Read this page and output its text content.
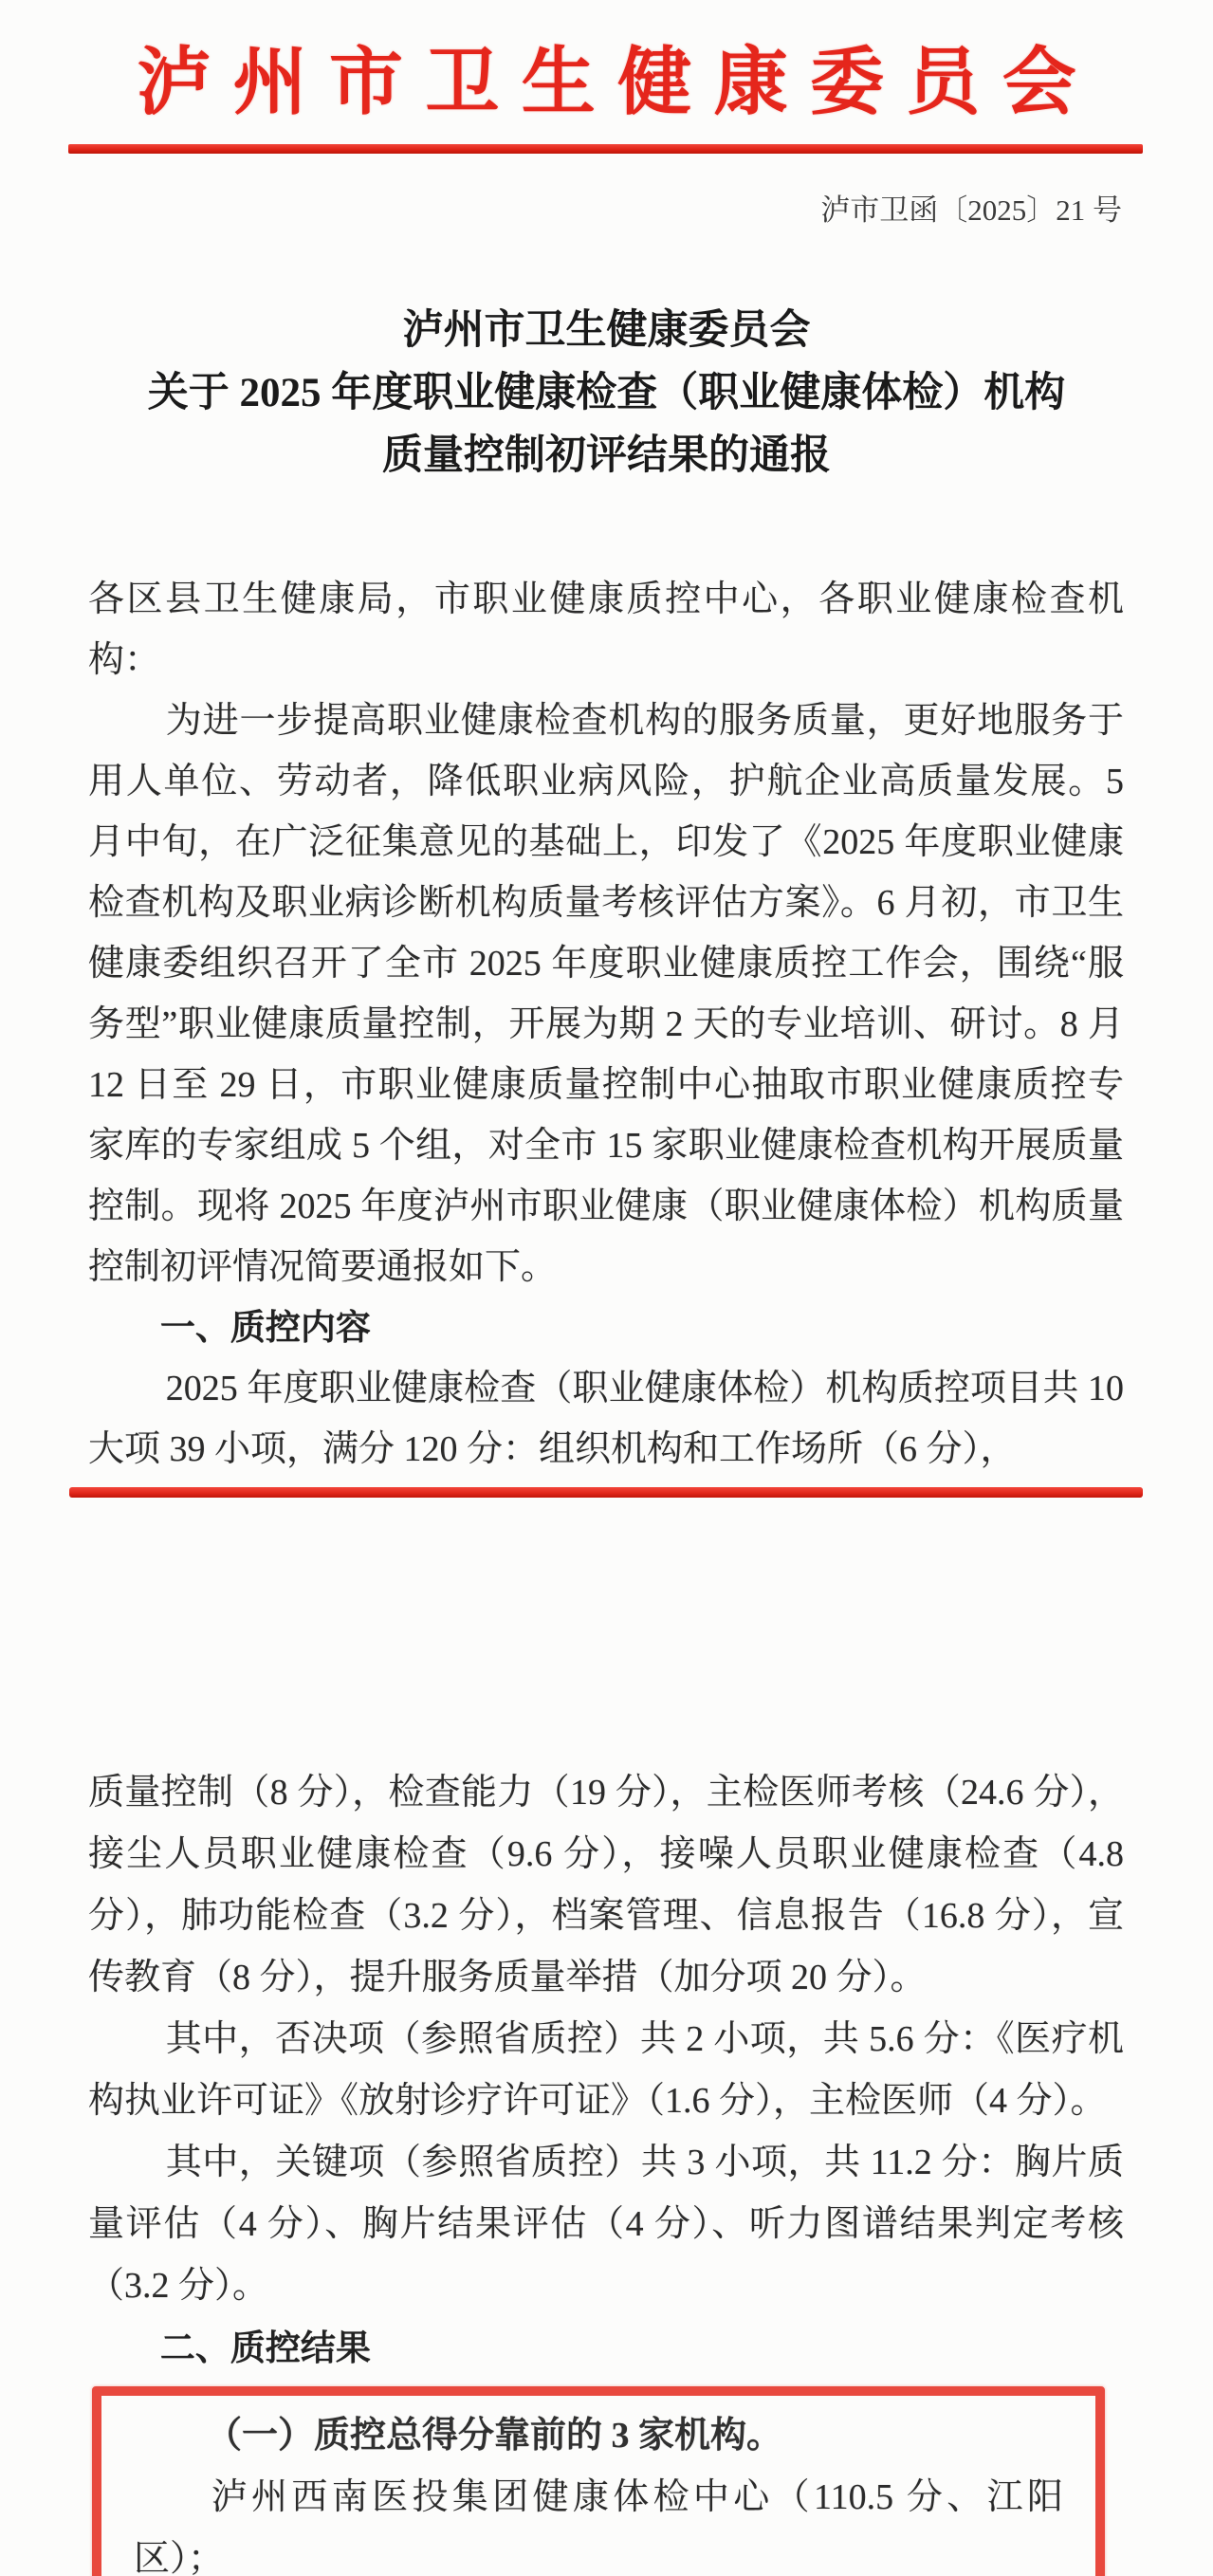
泸州市卫生健康委员会
泸市卫函〔2025〕21 号
泸州市卫生健康委员会
关于 2025 年度职业健康检查（职业健康体检）机构
质量控制初评结果的通报

各区县卫生健康局，市职业健康质控中心，各职业健康检查机构：

为进一步提高职业健康检查机构的服务质量，更好地服务于用人单位、劳动者，降低职业病风险，护航企业高质量发展。5 月中旬，在广泛征集意见的基础上，印发了《2025 年度职业健康检查机构及职业病诊断机构质量考核评估方案》。6 月初，市卫生健康委组织召开了全市 2025 年度职业健康质控工作会，围绕“服务型”职业健康质量控制，开展为期 2 天的专业培训、研讨。8 月 12 日至 29 日，市职业健康质量控制中心抽取市职业健康质控专家库的专家组成 5 个组，对全市 15 家职业健康检查机构开展质量控制。现将 2025 年度泸州市职业健康（职业健康体检）机构质量控制初评情况简要通报如下。

一、质控内容

2025 年度职业健康检查（职业健康体检）机构质控项目共 10 大项 39 小项，满分 120 分：组织机构和工作场所（6 分），

质量控制（8 分），检查能力（19 分），主检医师考核（24.6 分），接尘人员职业健康检查（9.6 分），接噪人员职业健康检查（4.8 分），肺功能检查（3.2 分），档案管理、信息报告（16.8 分），宣传教育（8 分），提升服务质量举措（加分项 20 分）。

其中，否决项（参照省质控）共 2 小项，共 5.6 分：《医疗机构执业许可证》《放射诊疗许可证》（1.6 分），主检医师（4 分）。

其中，关键项（参照省质控）共 3 小项，共 11.2 分：胸片质量评估（4 分）、胸片结果评估（4 分）、听力图谱结果判定考核（3.2 分）。

二、质控结果

（一）质控总得分靠前的 3 家机构。

泸州西南医投集团健康体检中心（110.5 分、江阳区）；
